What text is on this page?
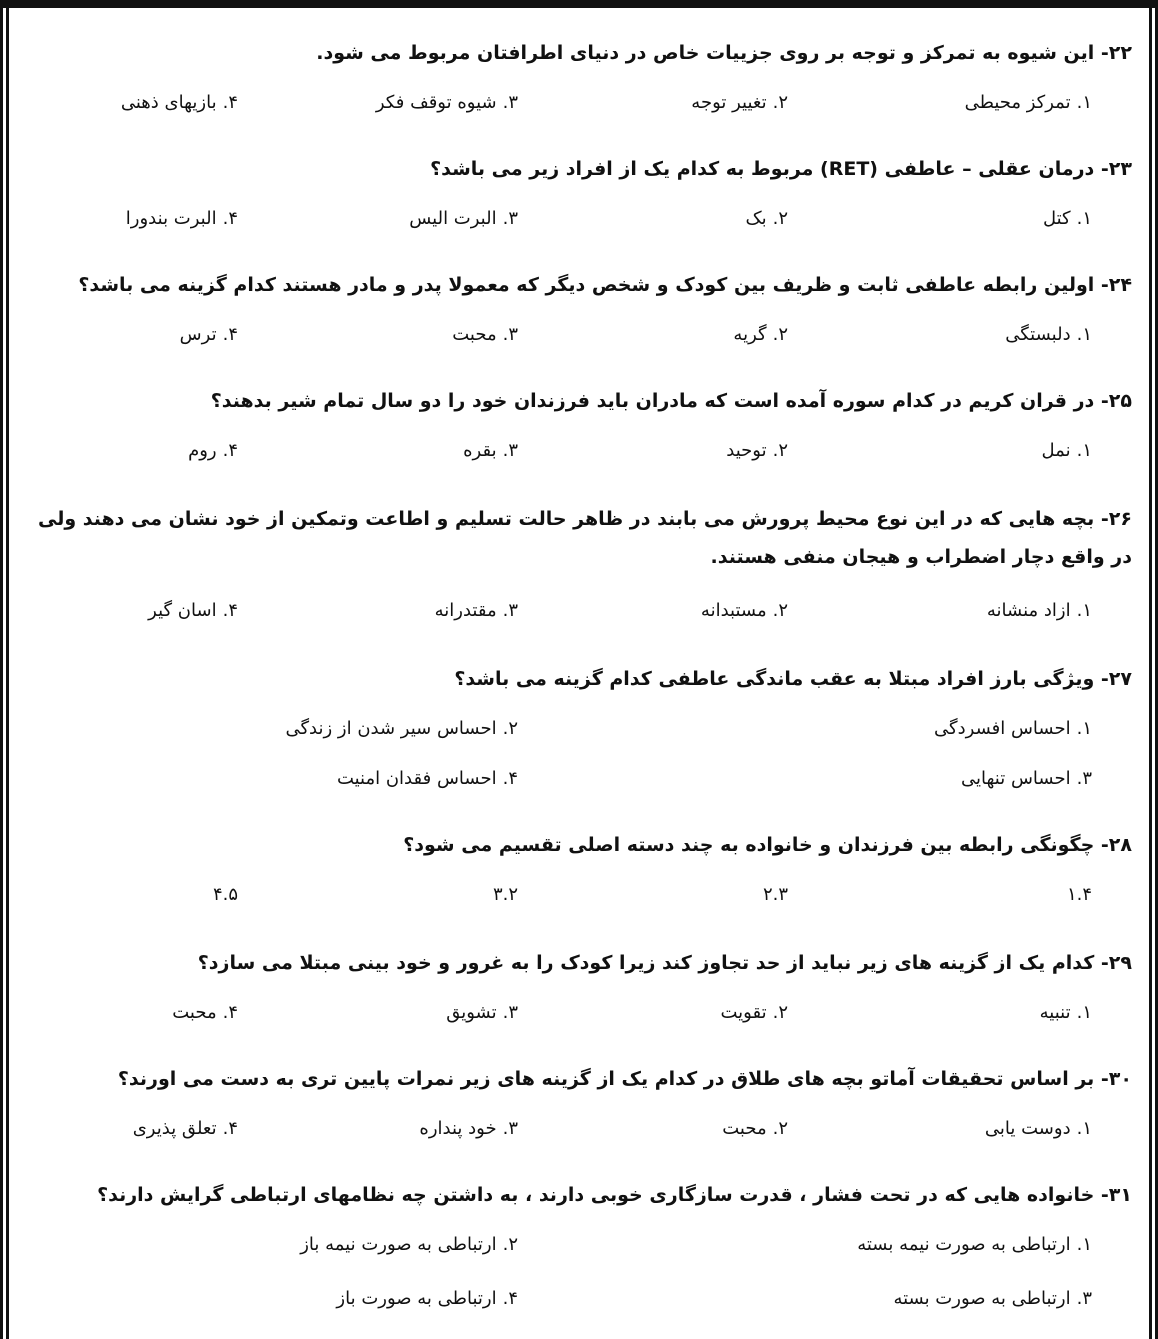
۲۲- این شیوه به تمرکز و توجه بر روی جزییات خاص در دنیای اطرافتان مربوط می شود.
۱.تمرکز محیطی
۲.تغییر توجه
۳.شیوه توقف فکر
۴.بازیهای ذهنی
۲۳- درمان عقلی – عاطفی (RET) مربوط به کدام یک از افراد زیر می باشد؟
۱.کتل
۲.بک
۳.البرت الیس
۴.البرت بندورا
۲۴- اولین رابطه عاطفی ثابت و ظریف بین کودک و شخص دیگر که معمولا پدر و مادر هستند کدام گزینه می باشد؟
۱.دلبستگی
۲.گریه
۳.محبت
۴.ترس
۲۵- در قران کریم در کدام سوره آمده است که مادران باید فرزندان خود را دو سال تمام شیر بدهند؟
۱.نمل
۲.توحید
۳.بقره
۴.روم
۲۶- بچه هایی که در این نوع محیط پرورش می بابند در ظاهر حالت تسلیم و اطاعت وتمکین از خود نشان می دهند ولی در واقع دچار اضطراب و هیجان منفی هستند.
۱.ازاد منشانه
۲.مستبدانه
۳.مقتدرانه
۴.اسان گیر
۲۷- ویژگی بارز افراد مبتلا به عقب ماندگی عاطفی کدام گزینه می باشد؟
۱.احساس افسردگی
۲.احساس سیر شدن از زندگی
۳.احساس تنهایی
۴.احساس فقدان امنیت
۲۸- چگونگی رابطه بین فرزندان و خانواده به چند دسته اصلی تقسیم می شود؟
۱.۴
۲.۳
۳.۲
۴.۵
۲۹- کدام یک از گزینه های زیر نباید از حد تجاوز کند زیرا کودک را به غرور و خود بینی مبتلا می سازد؟
۱.تنبیه
۲.تقویت
۳.تشویق
۴.محبت
۳۰- بر اساس تحقیقات آماتو بچه های طلاق در کدام یک از گزینه های زیر نمرات پایین تری به دست می اورند؟
۱.دوست یابی
۲.محبت
۳.خود پنداره
۴.تعلق پذیری
۳۱- خانواده هایی که در تحت فشار ، قدرت سازگاری خوبی دارند ، به داشتن چه نظامهای ارتباطی گرایش دارند؟
۱.ارتباطی به صورت نیمه بسته
۲.ارتباطی به صورت نیمه باز
۳.ارتباطی به صورت بسته
۴.ارتباطی به صورت باز
